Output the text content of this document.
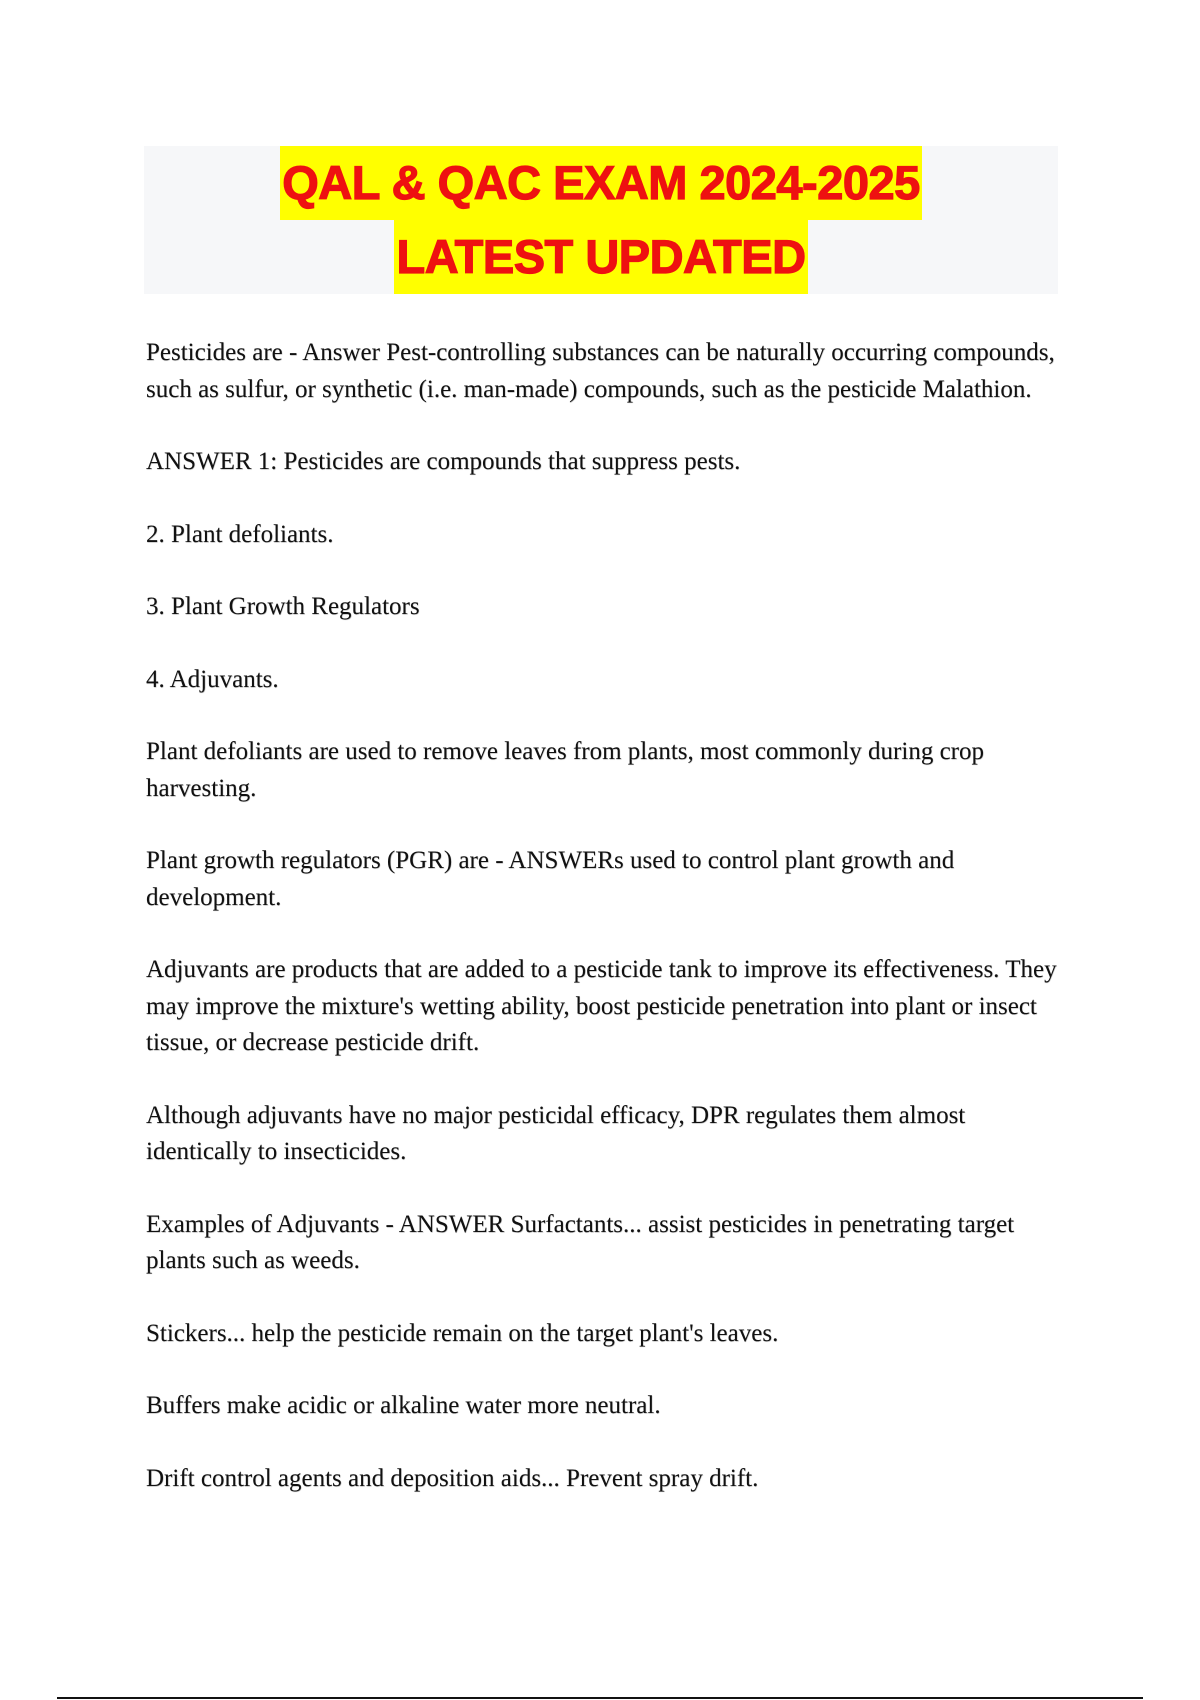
QAL & QAC EXAM 2024-2025
LATEST UPDATED

Pesticides are - Answer Pest-controlling substances can be naturally occurring compounds, such as sulfur, or synthetic (i.e. man-made) compounds, such as the pesticide Malathion.

ANSWER 1: Pesticides are compounds that suppress pests.

2. Plant defoliants.

3. Plant Growth Regulators

4. Adjuvants.

Plant defoliants are used to remove leaves from plants, most commonly during crop harvesting.

Plant growth regulators (PGR) are - ANSWERs used to control plant growth and development.

Adjuvants are products that are added to a pesticide tank to improve its effectiveness. They may improve the mixture's wetting ability, boost pesticide penetration into plant or insect tissue, or decrease pesticide drift.

Although adjuvants have no major pesticidal efficacy, DPR regulates them almost identically to insecticides.

Examples of Adjuvants - ANSWER Surfactants... assist pesticides in penetrating target plants such as weeds.

Stickers... help the pesticide remain on the target plant's leaves.

Buffers make acidic or alkaline water more neutral.

Drift control agents and deposition aids... Prevent spray drift.
